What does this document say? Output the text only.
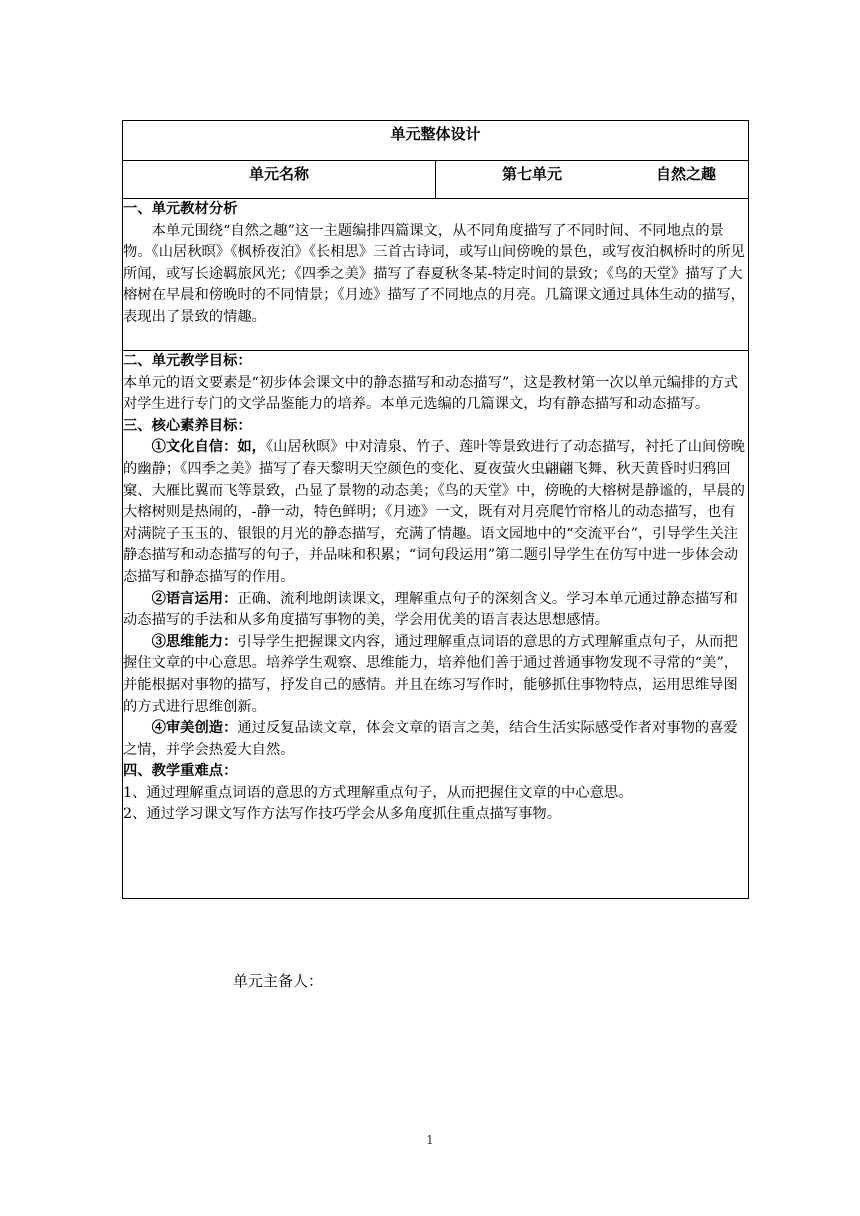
单元整体设计
单元名称	第七单元	自然之趣

一、单元教材分析

本单元围绕“自然之趣”这一主题编排四篇课文，从不同角度描写了不同时间、不同地点的景物。《山居秋暝》《枫桥夜泊》《长相思》三首古诗词，或写山间傍晚的景色，或写夜泊枫桥时的所见所闻，或写长途羁旅风光；《四季之美》描写了春夏秋冬某-特定时间的景致；《鸟的天堂》描写了大榕树在早晨和傍晚时的不同情景；《月迹》描写了不同地点的月亮。几篇课文通过具体生动的描写，表现出了景致的情趣。

二、单元教学目标：

本单元的语文要素是“初步体会课文中的静态描写和动态描写”，这是教材第一次以单元编排的方式对学生进行专门的文学品鉴能力的培养。本单元选编的几篇课文，均有静态描写和动态描写。

三、核心素养目标：

①文化自信：如，《山居秋暝》中对清泉、竹子、莲叶等景致进行了动态描写，衬托了山间傍晚的幽静；《四季之美》描写了春天黎明天空颜色的变化、夏夜萤火虫翩翩飞舞、秋天黄昏时归鸦回窠、大雁比翼而飞等景致，凸显了景物的动态美；《鸟的天堂》中，傍晚的大榕树是静谧的，早晨的大榕树则是热闹的，-静一动，特色鲜明；《月迹》一文，既有对月亮爬竹帘格儿的动态描写，也有对满院子玉玉的、银银的月光的静态描写，充满了情趣。语文园地中的“交流平台”，引导学生关注静态描写和动态描写的句子，并品味和积累；“词句段运用”第二题引导学生在仿写中进一步体会动态描写和静态描写的作用。

②语言运用：正确、流利地朗读课文，理解重点句子的深刻含义。学习本单元通过静态描写和动态描写的手法和从多角度描写事物的美，学会用优美的语言表达思想感情。

③思维能力：引导学生把握课文内容，通过理解重点词语的意思的方式理解重点句子，从而把握住文章的中心意思。培养学生观察、思维能力，培养他们善于通过普通事物发现不寻常的“美”，并能根据对事物的描写，抒发自己的感情。并且在练习写作时，能够抓住事物特点，运用思维导图的方式进行思维创新。

④审美创造：通过反复品读文章，体会文章的语言之美，结合生活实际感受作者对事物的喜爱之情，并学会热爱大自然。

四、教学重难点：

1、通过理解重点词语的意思的方式理解重点句子，从而把握住文章的中心意思。

2、通过学习课文写作方法写作技巧学会从多角度抓住重点描写事物。

单元主备人：
1
